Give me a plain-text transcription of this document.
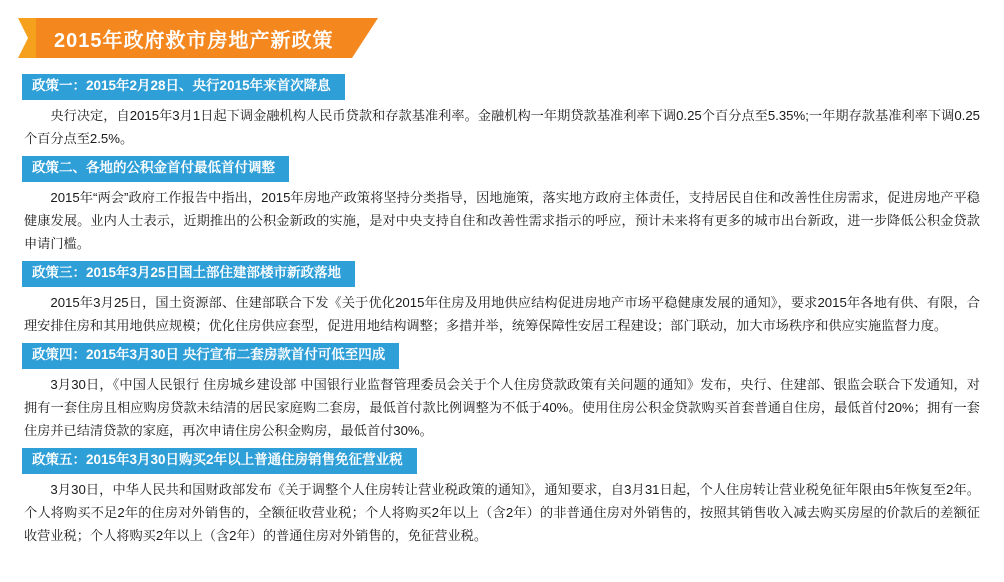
2015年政府救市房地产新政策
政策一：2015年2月28日、央行2015年来首次降息

央行决定，自2015年3月1日起下调金融机构人民币贷款和存款基准利率。金融机构一年期贷款基准利率下调0.25个百分点至5.35%;一年期存款基准利率下调0.25个百分点至2.5%。

政策二、各地的公积金首付最低首付调整

2015年“两会”政府工作报告中指出，2015年房地产政策将坚持分类指导，因地施策，落实地方政府主体责任，支持居民自住和改善性住房需求，促进房地产平稳健康发展。业内人士表示，近期推出的公积金新政的实施，是对中央支持自住和改善性需求指示的呼应，预计未来将有更多的城市出台新政，进一步降低公积金贷款申请门槛。

政策三：2015年3月25日国土部住建部楼市新政落地

2015年3月25日，国土资源部、住建部联合下发《关于优化2015年住房及用地供应结构促进房地产市场平稳健康发展的通知》，要求2015年各地有供、有限，合理安排住房和其用地供应规模；优化住房供应套型，促进用地结构调整；多措并举，统筹保障性安居工程建设；部门联动，加大市场秩序和供应实施监督力度。

政策四：2015年3月30日 央行宣布二套房款首付可低至四成

3月30日，《中国人民银行 住房城乡建设部 中国银行业监督管理委员会关于个人住房贷款政策有关问题的通知》发布，央行、住建部、银监会联合下发通知，对拥有一套住房且相应购房贷款未结清的居民家庭购二套房，最低首付款比例调整为不低于40%。使用住房公积金贷款购买首套普通自住房，最低首付20%；拥有一套住房并已结清贷款的家庭，再次申请住房公积金购房，最低首付30%。

政策五：2015年3月30日购买2年以上普通住房销售免征营业税

3月30日，中华人民共和国财政部发布《关于调整个人住房转让营业税政策的通知》，通知要求，自3月31日起，个人住房转让营业税免征年限由5年恢复至2年。个人将购买不足2年的住房对外销售的，全额征收营业税；个人将购买2年以上（含2年）的非普通住房对外销售的，按照其销售收入减去购买房屋的价款后的差额征收营业税；个人将购买2年以上（含2年）的普通住房对外销售的，免征营业税。
